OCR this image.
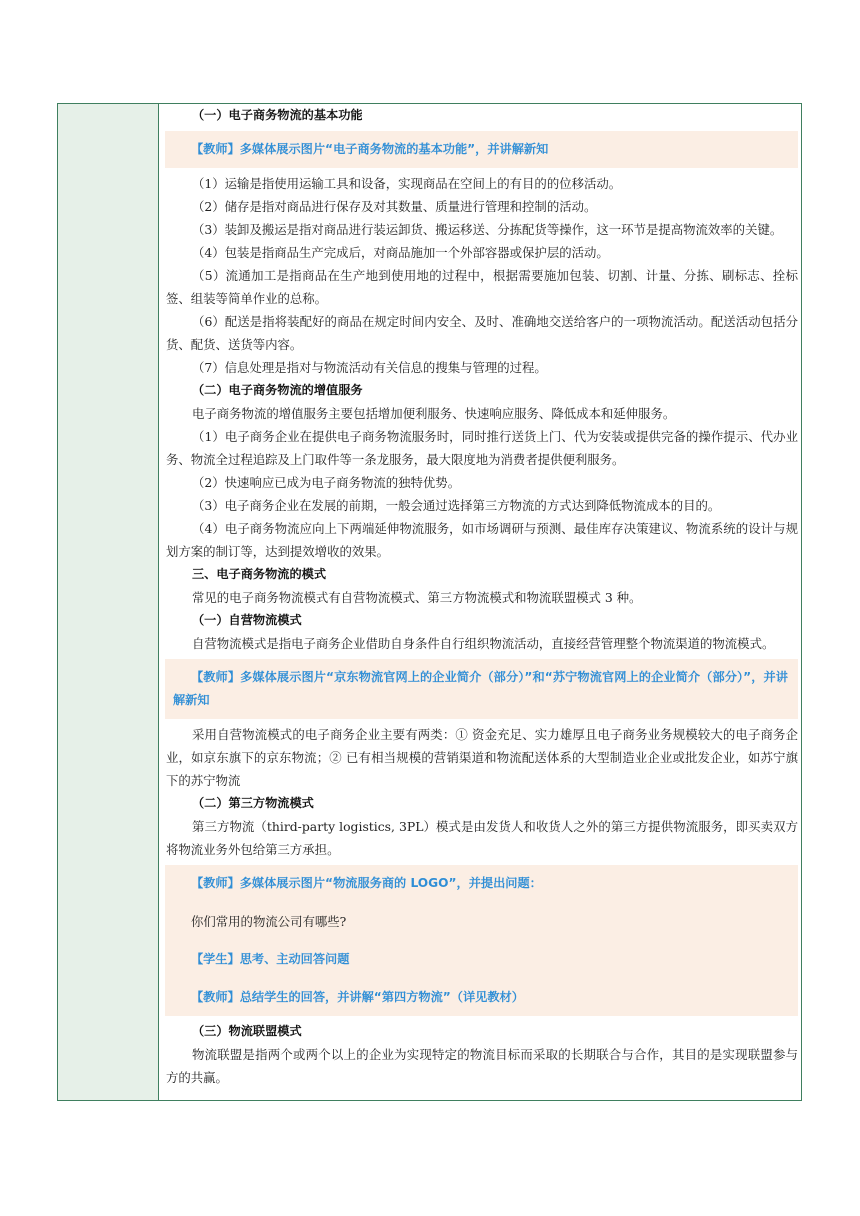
（一）电子商务物流的基本功能

【教师】多媒体展示图片“电子商务物流的基本功能”，并讲解新知

（1）运输是指使用运输工具和设备，实现商品在空间上的有目的的位移活动。

（2）储存是指对商品进行保存及对其数量、质量进行管理和控制的活动。

（3）装卸及搬运是指对商品进行装运卸货、搬运移送、分拣配货等操作，这一环节是提高物流效率的关键。

（4）包装是指商品生产完成后，对商品施加一个外部容器或保护层的活动。

（5）流通加工是指商品在生产地到使用地的过程中，根据需要施加包装、切割、计量、分拣、刷标志、拴标签、组装等简单作业的总称。

（6）配送是指将装配好的商品在规定时间内安全、及时、准确地交送给客户的一项物流活动。配送活动包括分货、配货、送货等内容。

（7）信息处理是指对与物流活动有关信息的搜集与管理的过程。

（二）电子商务物流的增值服务

电子商务物流的增值服务主要包括增加便利服务、快速响应服务、降低成本和延伸服务。

（1）电子商务企业在提供电子商务物流服务时，同时推行送货上门、代为安装或提供完备的操作提示、代办业务、物流全过程追踪及上门取件等一条龙服务，最大限度地为消费者提供便利服务。

（2）快速响应已成为电子商务物流的独特优势。

（3）电子商务企业在发展的前期，一般会通过选择第三方物流的方式达到降低物流成本的目的。

（4）电子商务物流应向上下两端延伸物流服务，如市场调研与预测、最佳库存决策建议、物流系统的设计与规划方案的制订等，达到提效增收的效果。

三、电子商务物流的模式

常见的电子商务物流模式有自营物流模式、第三方物流模式和物流联盟模式 3 种。

（一）自营物流模式

自营物流模式是指电子商务企业借助自身条件自行组织物流活动，直接经营管理整个物流渠道的物流模式。

【教师】多媒体展示图片“京东物流官网上的企业简介（部分）”和“苏宁物流官网上的企业简介（部分）”，并讲解新知

采用自营物流模式的电子商务企业主要有两类：① 资金充足、实力雄厚且电子商务业务规模较大的电子商务企业，如京东旗下的京东物流；② 已有相当规模的营销渠道和物流配送体系的大型制造业企业或批发企业，如苏宁旗下的苏宁物流

（二）第三方物流模式

第三方物流（third-party logistics, 3PL）模式是由发货人和收货人之外的第三方提供物流服务，即买卖双方将物流业务外包给第三方承担。

【教师】多媒体展示图片“物流服务商的 LOGO”，并提出问题：

你们常用的物流公司有哪些?

【学生】思考、主动回答问题

【教师】总结学生的回答，并讲解“第四方物流”（详见教材）

（三）物流联盟模式

物流联盟是指两个或两个以上的企业为实现特定的物流目标而采取的长期联合与合作，其目的是实现联盟参与方的共赢。
